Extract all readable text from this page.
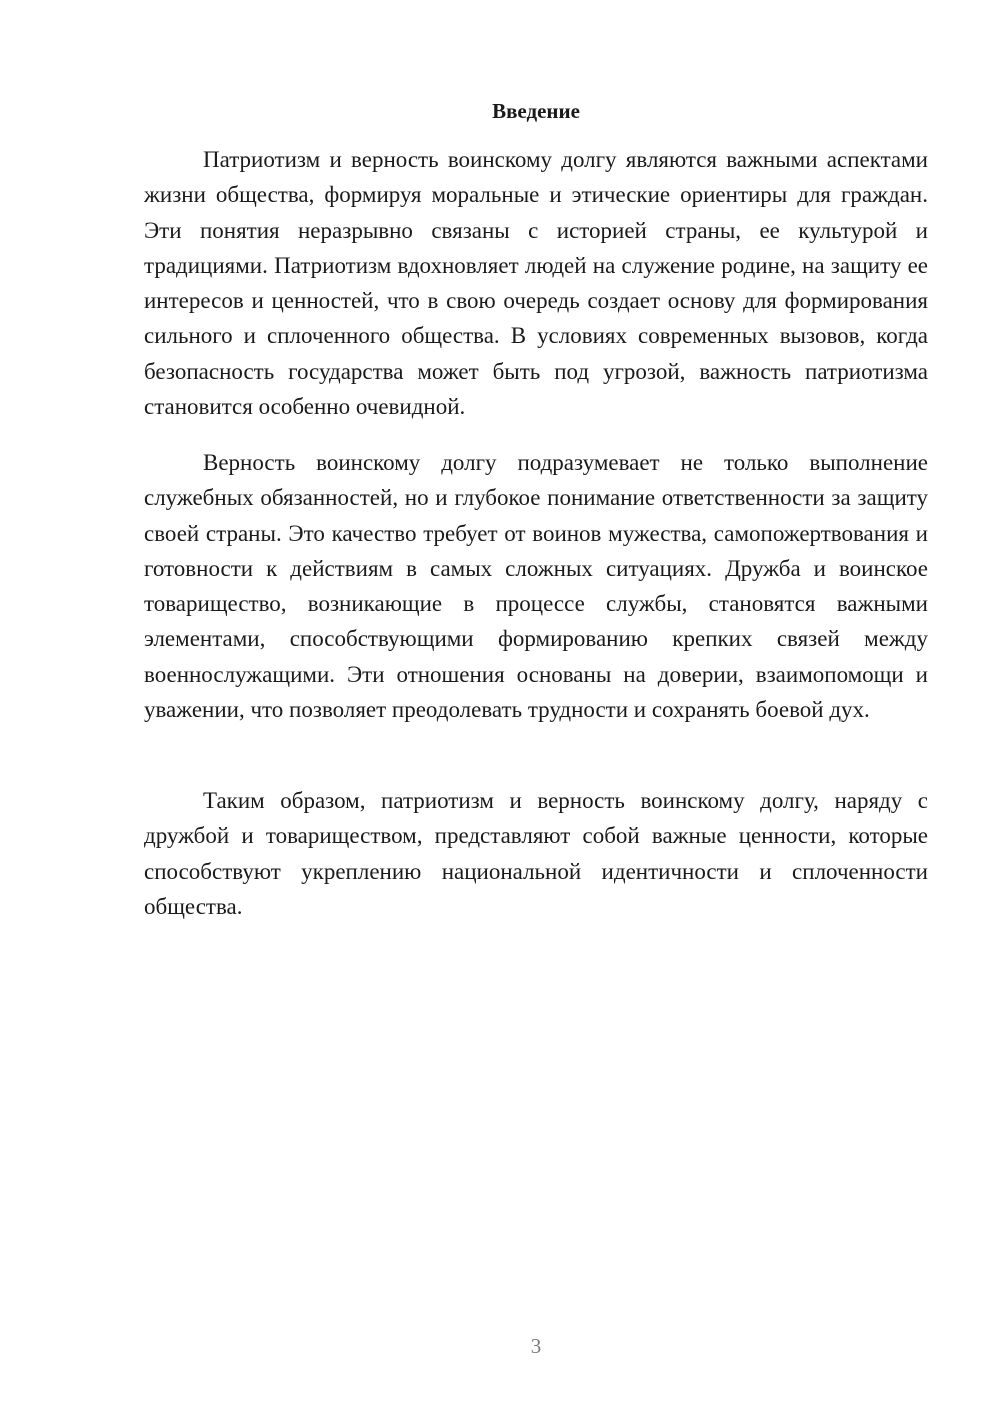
Введение

Патриотизм и верность воинскому долгу являются важными аспектами жизни общества, формируя моральные и этические ориентиры для граждан. Эти понятия неразрывно связаны с историей страны, ее культурой и традициями. Патриотизм вдохновляет людей на служение родине, на защиту ее интересов и ценностей, что в свою очередь создает основу для формирования сильного и сплоченного общества. В условиях современных вызовов, когда безопасность государства может быть под угрозой, важность патриотизма становится особенно очевидной.

Верность воинскому долгу подразумевает не только выполнение служебных обязанностей, но и глубокое понимание ответственности за защиту своей страны. Это качество требует от воинов мужества, самопожертвования и готовности к действиям в самых сложных ситуациях. Дружба и воинское товарищество, возникающие в процессе службы, становятся важными элементами, способствующими формированию крепких связей между военнослужащими. Эти отношения основаны на доверии, взаимопомощи и уважении, что позволяет преодолевать трудности и сохранять боевой дух.

Таким образом, патриотизм и верность воинскому долгу, наряду с дружбой и товариществом, представляют собой важные ценности, которые способствуют укреплению национальной идентичности и сплоченности общества.

3
